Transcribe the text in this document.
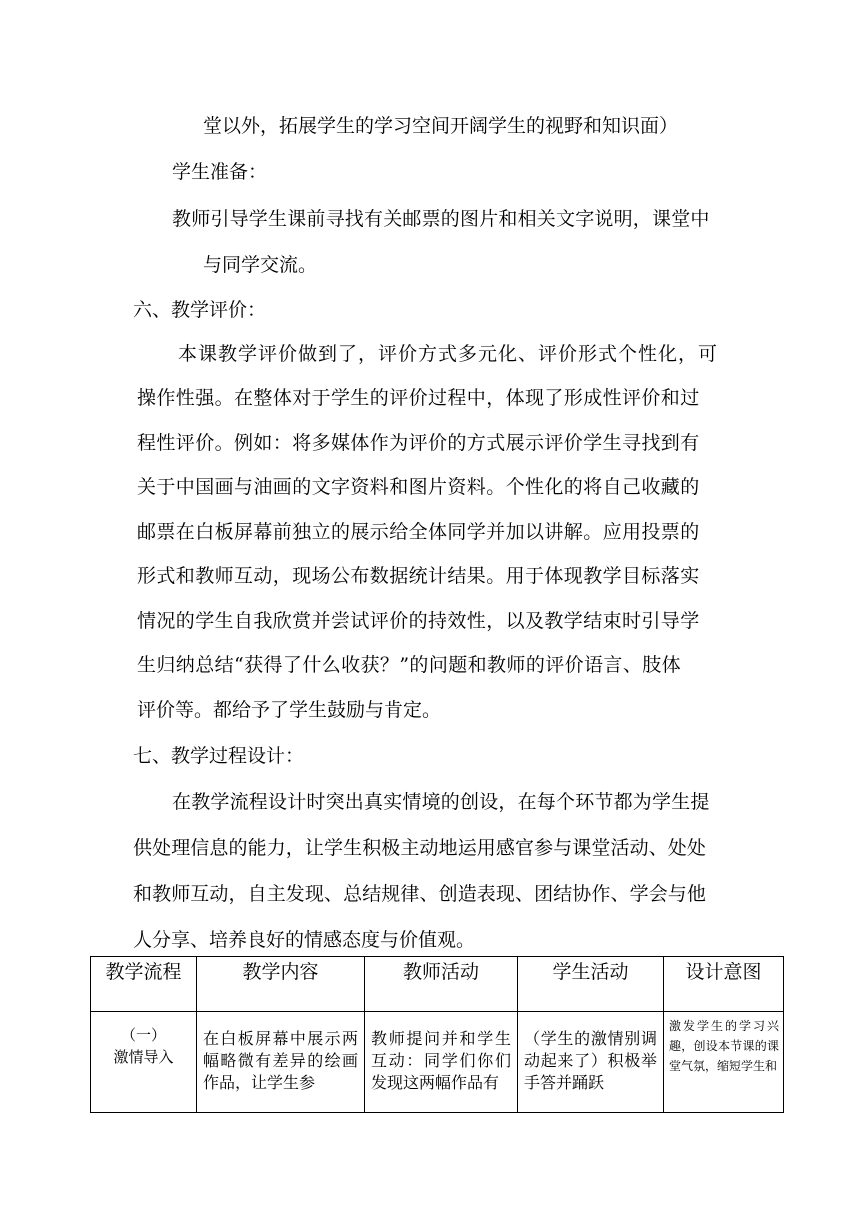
堂以外，拓展学生的学习空间开阔学生的视野和知识面）
学生准备：
教师引导学生课前寻找有关邮票的图片和相关文字说明，课堂中
与同学交流。
六、教学评价：
本课教学评价做到了，评价方式多元化、评价形式个性化，可
操作性强。在整体对于学生的评价过程中，体现了形成性评价和过
程性评价。例如：将多媒体作为评价的方式展示评价学生寻找到有
关于中国画与油画的文字资料和图片资料。个性化的将自己收藏的
邮票在白板屏幕前独立的展示给全体同学并加以讲解。应用投票的
形式和教师互动，现场公布数据统计结果。用于体现教学目标落实
情况的学生自我欣赏并尝试评价的持效性，以及教学结束时引导学
生归纳总结“获得了什么收获？”的问题和教师的评价语言、肢体
评价等。都给予了学生鼓励与肯定。
七、教学过程设计：
在教学流程设计时突出真实情境的创设，在每个环节都为学生提
供处理信息的能力，让学生积极主动地运用感官参与课堂活动、处处
和教师互动，自主发现、总结规律、创造表现、团结协作、学会与他
人分享、培养良好的情感态度与价值观。
教学流程	教学内容	教师活动	学生活动	设计意图

（一）
激情导入	在白板屏幕中展示两幅略微有差异的绘画作品，让学生参	教师提问并和学生互动：同学们你们发现这两幅作品有	（学生的激情别调动起来了）积极举手答并踊跃	激发学生的学习兴趣，创设本节课的课堂气氛，缩短学生和
